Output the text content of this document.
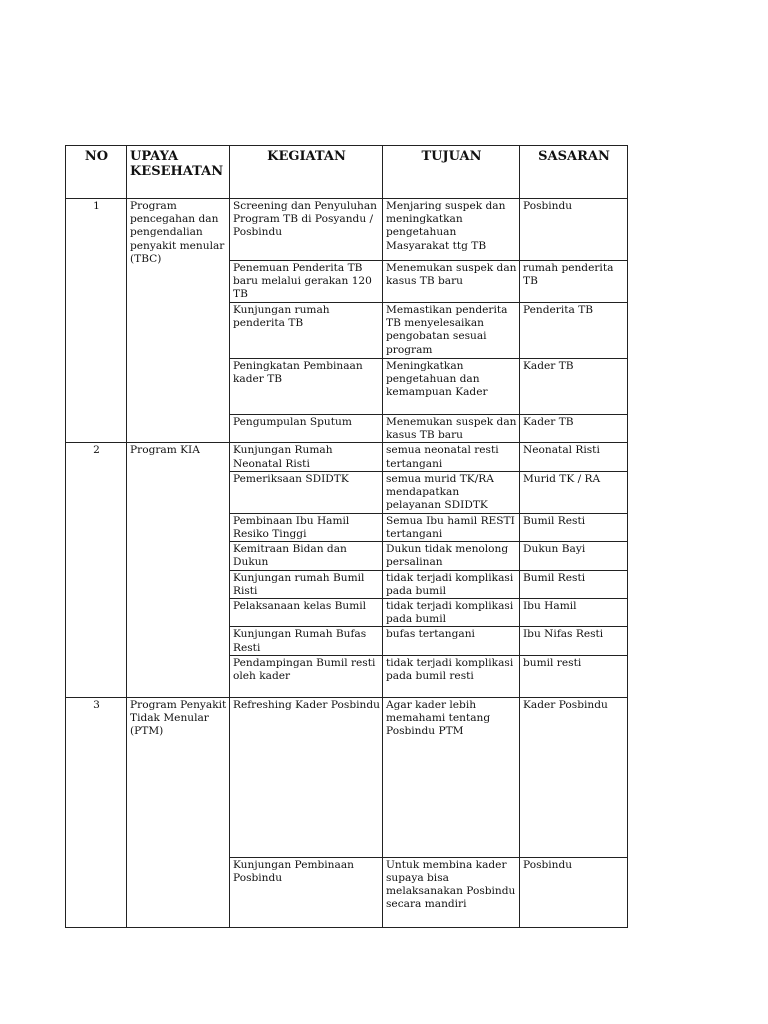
NO	UPAYA KESEHATAN	KEGIATAN	TUJUAN	SASARAN
1	Program pencegahan dan pengendalian penyakit menular (TBC)	Screening dan Penyuluhan Program TB di Posyandu / Posbindu	Menjaring suspek dan meningkatkan pengetahuan Masyarakat ttg TB	Posbindu
		Penemuan Penderita TB baru melalui gerakan 120 TB	Menemukan suspek dan kasus TB baru	rumah penderita TB
		Kunjungan rumah penderita TB	Memastikan penderita TB menyelesaikan pengobatan sesuai program	Penderita TB
		Peningkatan Pembinaan kader TB	Meningkatkan pengetahuan dan kemampuan Kader	Kader TB
		Pengumpulan Sputum	Menemukan suspek dan kasus TB baru	Kader TB
2	Program KIA	Kunjungan Rumah Neonatal Risti	semua neonatal resti tertangani	Neonatal Risti
		Pemeriksaan SDIDTK	semua murid TK/RA mendapatkan pelayanan SDIDTK	Murid TK / RA
		Pembinaan Ibu Hamil Resiko Tinggi	Semua Ibu hamil RESTI tertangani	Bumil Resti
		Kemitraan Bidan dan Dukun	Dukun tidak menolong persalinan	Dukun Bayi
		Kunjungan rumah Bumil Risti	tidak terjadi komplikasi pada bumil	Bumil Resti
		Pelaksanaan kelas Bumil	tidak terjadi komplikasi pada bumil	Ibu Hamil
		Kunjungan Rumah Bufas Resti	bufas tertangani	Ibu Nifas Resti
		Pendampingan Bumil resti oleh kader	tidak terjadi komplikasi pada bumil resti	bumil resti
3	Program Penyakit Tidak Menular (PTM)	Refreshing Kader Posbindu	Agar kader lebih memahami tentang Posbindu PTM	Kader Posbindu
		Kunjungan Pembinaan Posbindu	Untuk membina kader supaya bisa melaksanakan Posbindu secara mandiri	Posbindu
